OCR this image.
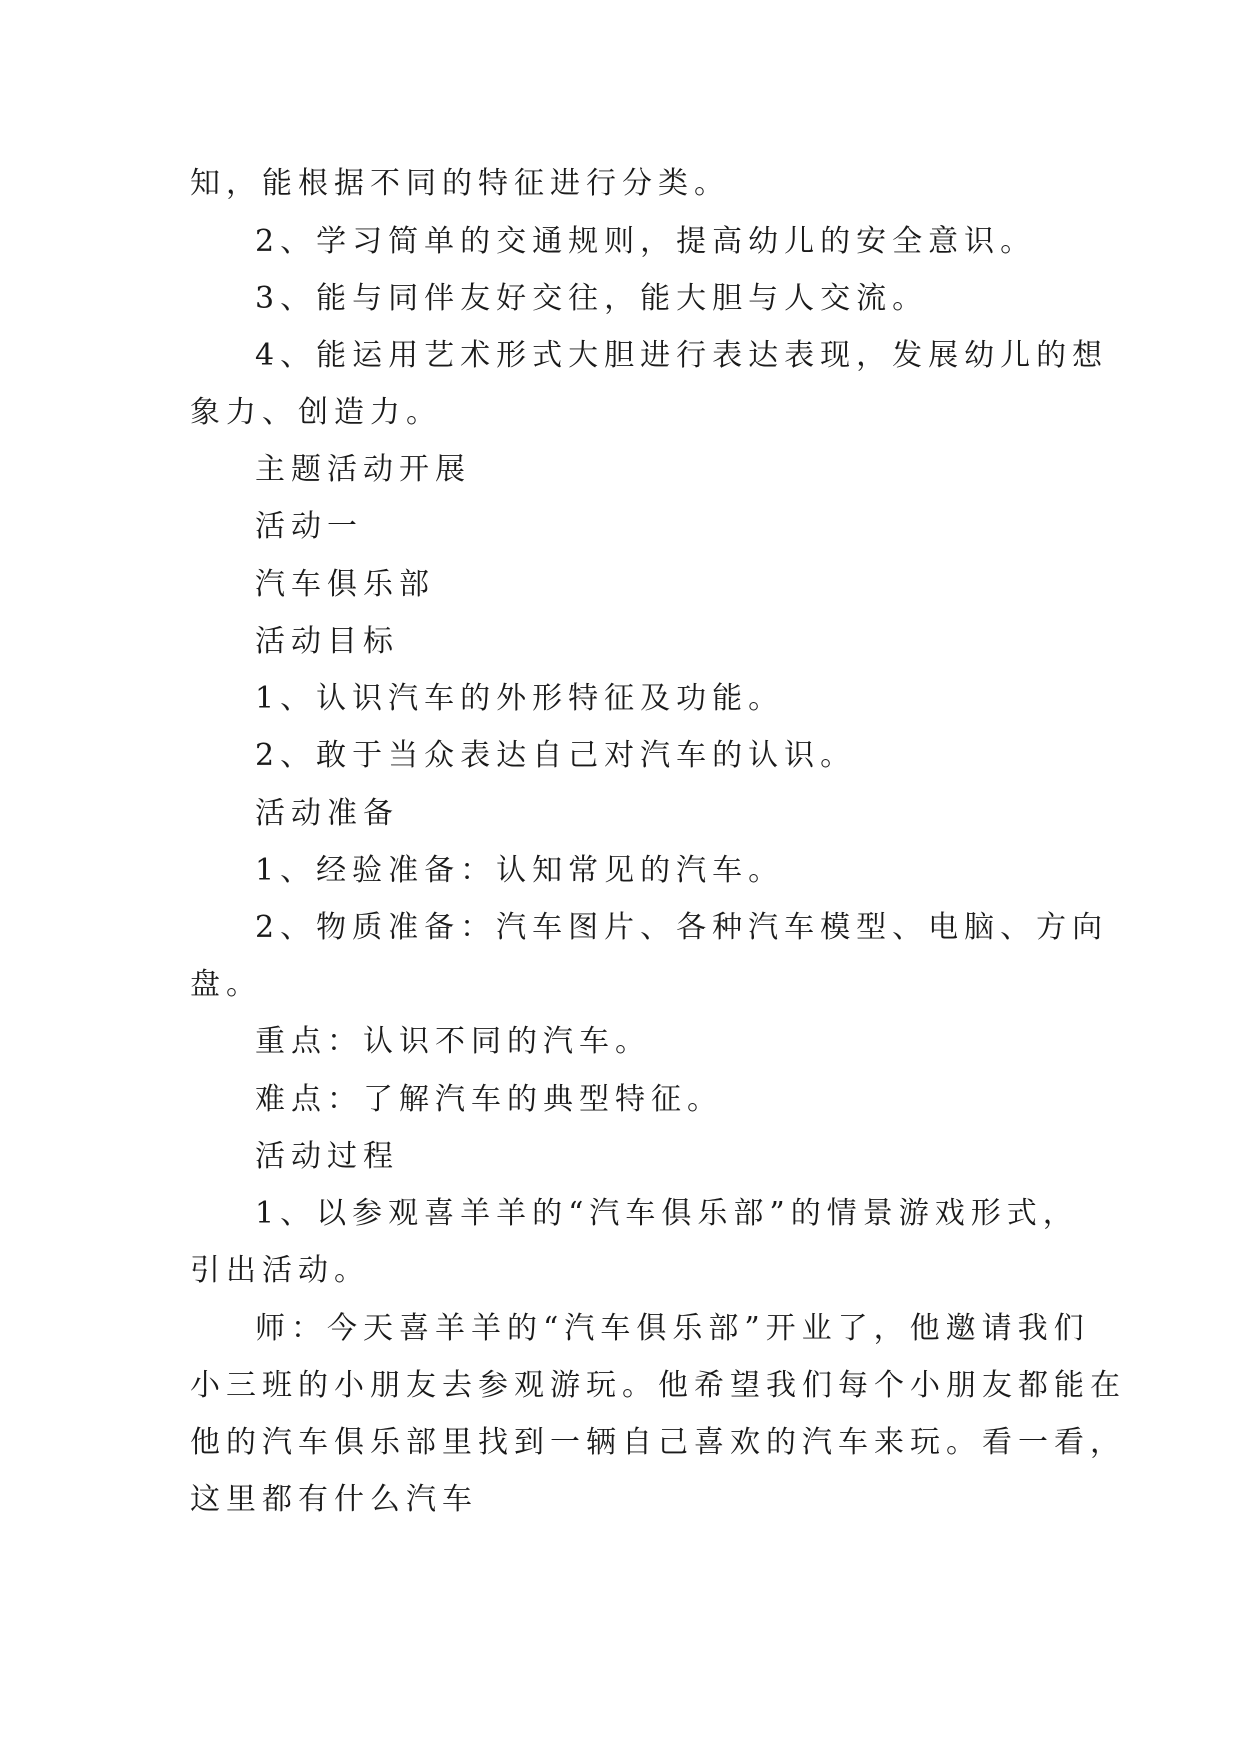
知，能根据不同的特征进行分类。
2、学习简单的交通规则，提高幼儿的安全意识。
3、能与同伴友好交往，能大胆与人交流。
4、能运用艺术形式大胆进行表达表现，发展幼儿的想
象力、创造力。
主题活动开展
活动一
汽车俱乐部
活动目标
1、认识汽车的外形特征及功能。
2、敢于当众表达自己对汽车的认识。
活动准备
1、经验准备：认知常见的汽车。
2、物质准备：汽车图片、各种汽车模型、电脑、方向
盘。
重点：认识不同的汽车。
难点：了解汽车的典型特征。
活动过程
1、以参观喜羊羊的“汽车俱乐部”的情景游戏形式，
引出活动。
师：今天喜羊羊的“汽车俱乐部”开业了，他邀请我们
小三班的小朋友去参观游玩。他希望我们每个小朋友都能在
他的汽车俱乐部里找到一辆自己喜欢的汽车来玩。看一看，
这里都有什么汽车
